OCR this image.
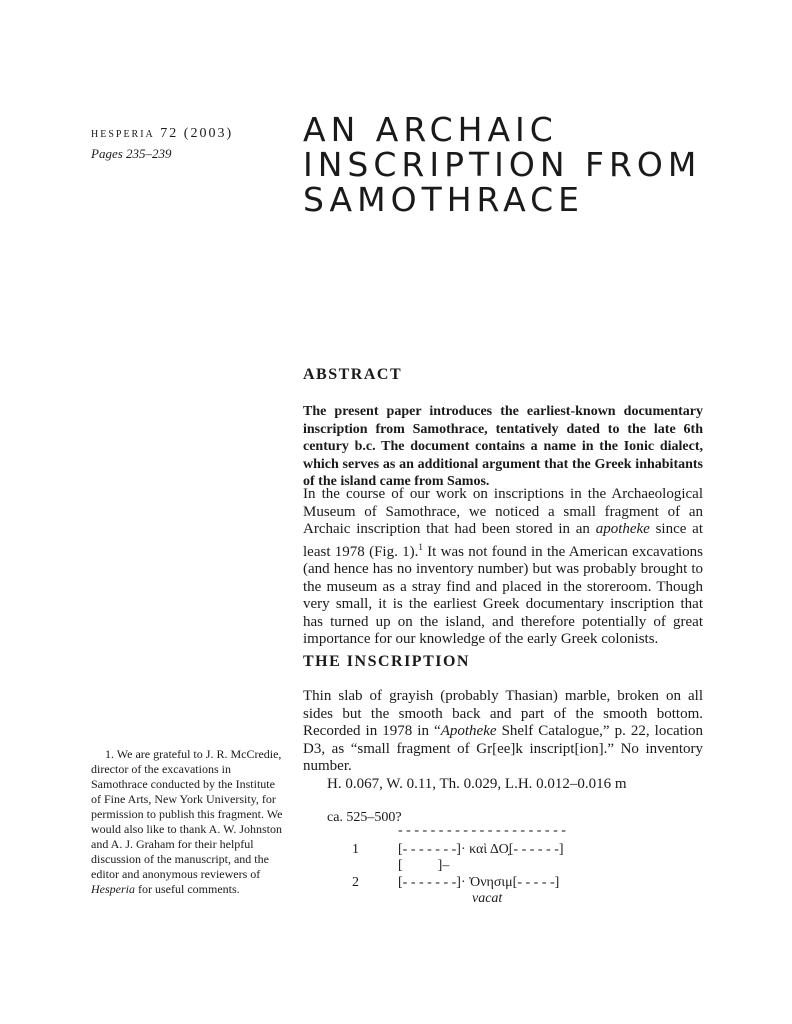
hesperia 72 (2003)
Pages 235–239
AN ARCHAIC
INSCRIPTION FROM
SAMOTHRACE
ABSTRACT

The present paper introduces the earliest-known documentary inscription from Samothrace, tentatively dated to the late 6th century b.c. The document contains a name in the Ionic dialect, which serves as an additional argument that the Greek inhabitants of the island came from Samos.

In the course of our work on inscriptions in the Archaeological Museum of Samothrace, we noticed a small fragment of an Archaic inscription that had been stored in an apotheke since at least 1978 (Fig. 1).$^1$ It was not found in the American excavations (and hence has no inventory number) but was probably brought to the museum as a stray find and placed in the storeroom. Though very small, it is the earliest Greek documentary inscription that has turned up on the island, and therefore potentially of great importance for our knowledge of the early Greek colonists.

THE INSCRIPTION

Thin slab of grayish (probably Thasian) marble, broken on all sides but the smooth back and part of the smooth bottom. Recorded in 1978 in “Apotheke Shelf Catalogue,” p. 22, location D3, as “small fragment of Gr[ee]k inscript[ion].” No inventory number.

H. 0.067, W. 0.11, Th. 0.029, L.H. 0.012–0.016 m
ca. 525–500?
- - - - - - - - - - - - - - - - - - - - -
1	[- - - - - - -]· καὶ ΔΟ̣[- - - - - -]
[          ]–
2	[- - - - - - -]· Ὀνησιμ[- - - - -]
vacat

1. We are grateful to J. R. McCredie, director of the excavations in Samothrace conducted by the Institute of Fine Arts, New York University, for permission to publish this fragment. We would also like to thank A. W. Johnston and A. J. Graham for their helpful discussion of the manuscript, and the editor and anonymous reviewers of Hesperia for useful comments.
